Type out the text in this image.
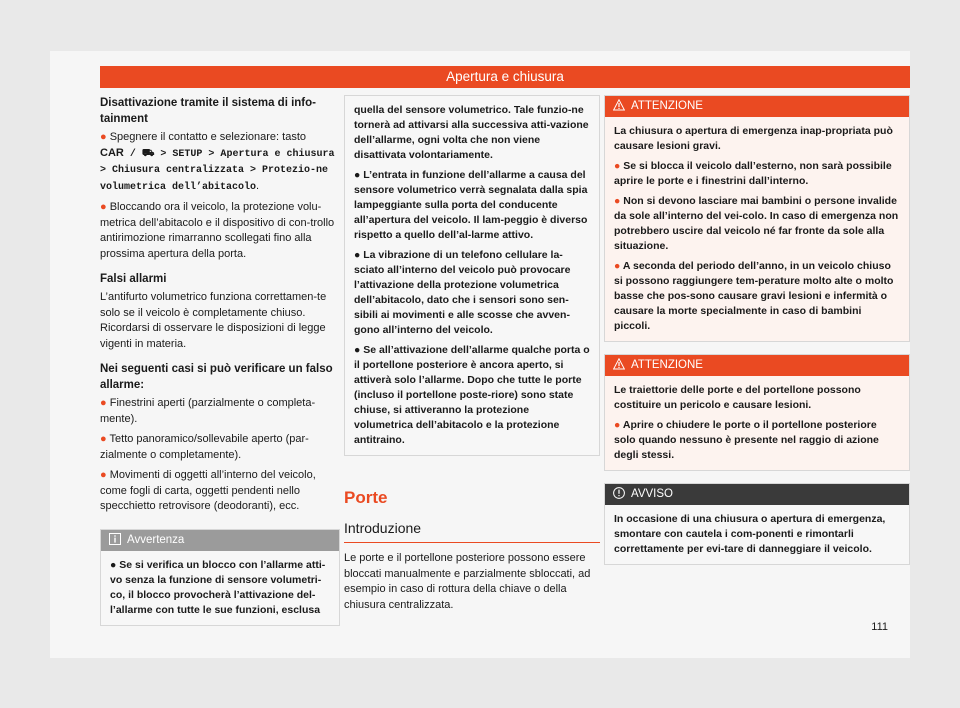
Apertura e chiusura
Disattivazione tramite il sistema di info-tainment

● Spegnere il contatto e selezionare: tasto
CAR / ⛟ > SETUP > Apertura e chiusura > Chiusura centralizzata > Protezio-ne volumetrica dell’abitacolo.

● Bloccando ora il veicolo, la protezione volu-metrica dell’abitacolo e il dispositivo di con-trollo antirimozione rimarranno scollegati fino alla prossima apertura della porta.

Falsi allarmi

L’antifurto volumetrico funziona correttamen-te solo se il veicolo è completamente chiuso. Ricordarsi di osservare le disposizioni di legge vigenti in materia.

Nei seguenti casi si può verificare un falso allarme:

● Finestrini aperti (parzialmente o completa-mente).

● Tetto panoramico/sollevabile aperto (par-zialmente o completamente).

● Movimenti di oggetti all’interno del veicolo, come fogli di carta, oggetti pendenti nello specchietto retrovisore (deodoranti), ecc.

Avvertenza

● Se si verifica un blocco con l’allarme atti-vo senza la funzione di sensore volumetri-co, il blocco provocherà l’attivazione del-l’allarme con tutte le sue funzioni, esclusa

quella del sensore volumetrico. Tale funzio-ne tornerà ad attivarsi alla successiva atti-vazione dell’allarme, ogni volta che non viene disattivata volontariamente.

● L’entrata in funzione dell’allarme a causa del sensore volumetrico verrà segnalata dalla spia lampeggiante sulla porta del conducente all’apertura del veicolo. Il lam-peggio è diverso rispetto a quello dell’al-larme attivo.

● La vibrazione di un telefono cellulare la-sciato all’interno del veicolo può provocare l’attivazione della protezione volumetrica dell’abitacolo, dato che i sensori sono sen-sibili ai movimenti e alle scosse che avven-gono all’interno del veicolo.

● Se all’attivazione dell’allarme qualche porta o il portellone posteriore è ancora aperto, si attiverà solo l’allarme. Dopo che tutte le porte (incluso il portellone poste-riore) sono state chiuse, si attiveranno la protezione volumetrica dell’abitacolo e la protezione antitraino.

Porte
Introduzione

Le porte e il portellone posteriore possono essere bloccati manualmente e parzialmente sbloccati, ad esempio in caso di rottura della chiave o della chiusura centralizzata.

ATTENZIONE

La chiusura o apertura di emergenza inap-propriata può causare lesioni gravi.

● Se si blocca il veicolo dall’esterno, non sarà possibile aprire le porte e i finestrini dall’interno.

● Non si devono lasciare mai bambini o persone invalide da sole all’interno del vei-colo. In caso di emergenza non potrebbero uscire dal veicolo né far fronte da sole alla situazione.

● A seconda del periodo dell’anno, in un veicolo chiuso si possono raggiungere tem-perature molto alte o molto basse che pos-sono causare gravi lesioni e infermità o causare la morte specialmente in caso di bambini piccoli.

ATTENZIONE

Le traiettorie delle porte e del portellone possono costituire un pericolo e causare lesioni.

● Aprire o chiudere le porte o il portellone posteriore solo quando nessuno è presente nel raggio di azione degli stessi.

AVVISO

In occasione di una chiusura o apertura di emergenza, smontare con cautela i com-ponenti e rimontarli correttamente per evi-tare di danneggiare il veicolo.

111
